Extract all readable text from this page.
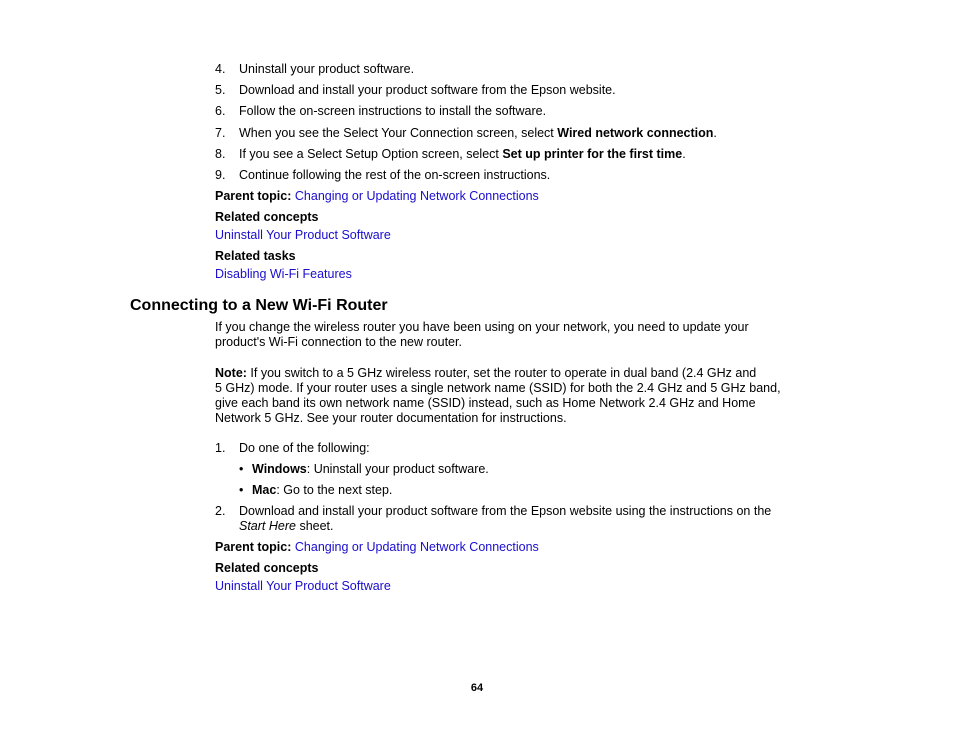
4. Uninstall your product software.
5. Download and install your product software from the Epson website.
6. Follow the on-screen instructions to install the software.
7. When you see the Select Your Connection screen, select Wired network connection.
8. If you see a Select Setup Option screen, select Set up printer for the first time.
9. Continue following the rest of the on-screen instructions.
Parent topic: Changing or Updating Network Connections
Related concepts
Uninstall Your Product Software
Related tasks
Disabling Wi-Fi Features
Connecting to a New Wi-Fi Router
If you change the wireless router you have been using on your network, you need to update your
product's Wi-Fi connection to the new router.
Note: If you switch to a 5 GHz wireless router, set the router to operate in dual band (2.4 GHz and
5 GHz) mode. If your router uses a single network name (SSID) for both the 2.4 GHz and 5 GHz band,
give each band its own network name (SSID) instead, such as Home Network 2.4 GHz and Home
Network 5 GHz. See your router documentation for instructions.
1. Do one of the following:
• Windows: Uninstall your product software.
• Mac: Go to the next step.
2. Download and install your product software from the Epson website using the instructions on the
Start Here sheet.
Parent topic: Changing or Updating Network Connections
Related concepts
Uninstall Your Product Software
64
